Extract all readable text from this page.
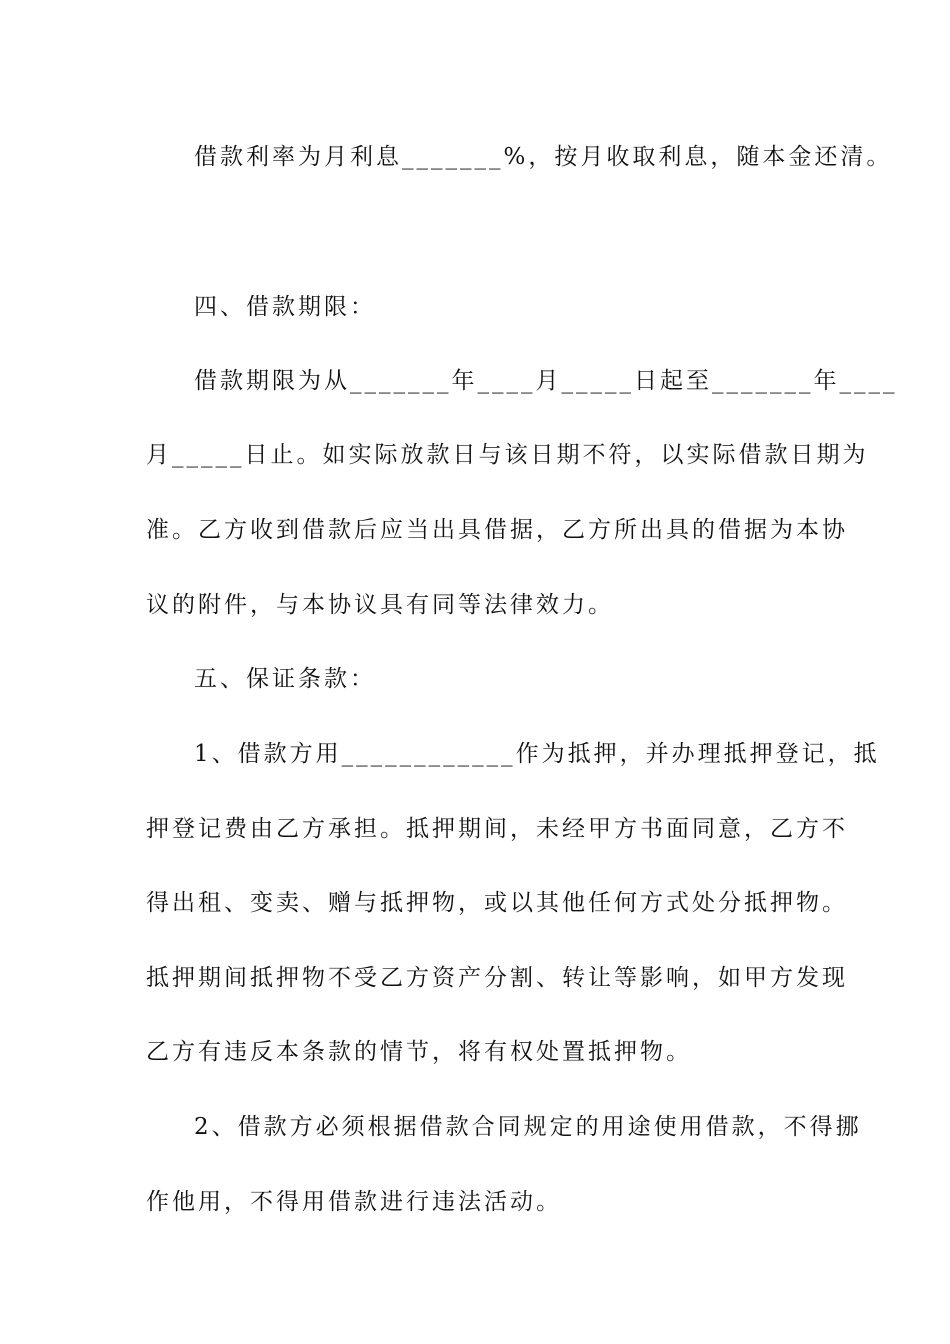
借款利率为月利息_______%，按月收取利息，随本金还清。

四、借款期限：

借款期限为从_______年____月_____日起至_______年____

月_____日止。如实际放款日与该日期不符，以实际借款日期为

准。乙方收到借款后应当出具借据，乙方所出具的借据为本协

议的附件，与本协议具有同等法律效力。

五、保证条款：

1、借款方用____________作为抵押，并办理抵押登记，抵

押登记费由乙方承担。抵押期间，未经甲方书面同意，乙方不

得出租、变卖、赠与抵押物，或以其他任何方式处分抵押物。

抵押期间抵押物不受乙方资产分割、转让等影响，如甲方发现

乙方有违反本条款的情节，将有权处置抵押物。

2、借款方必须根据借款合同规定的用途使用借款，不得挪

作他用，不得用借款进行违法活动。
